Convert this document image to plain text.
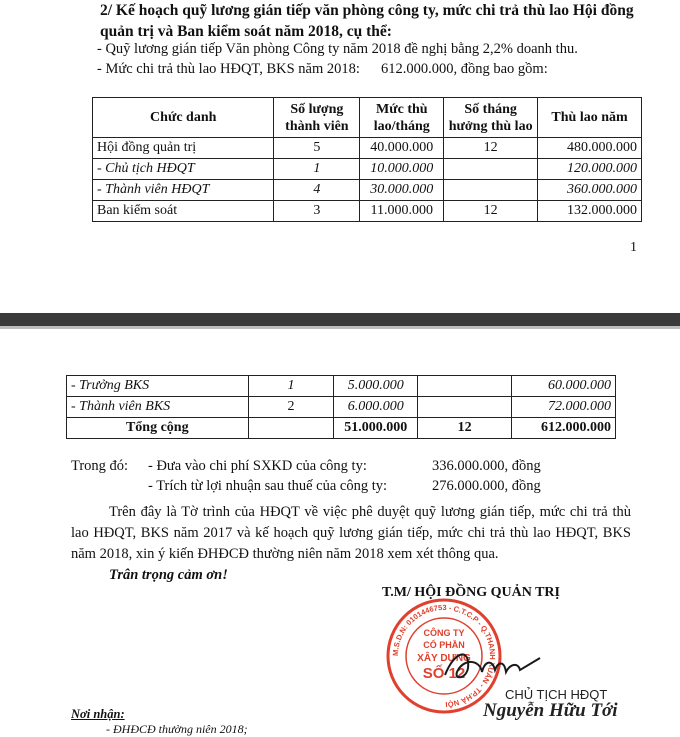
2/ Kế hoạch quỹ lương gián tiếp văn phòng công ty, mức chi trả thù lao Hội đồng quản trị và Ban kiểm soát năm 2018, cụ thể:
- Quỹ lương gián tiếp Văn phòng Công ty năm 2018 đề nghị bằng 2,2% doanh thu.
- Mức chi trả thù lao HĐQT, BKS năm 2018: 612.000.000, đồng bao gồm:
Chức danh	Số lượng thành viên	Mức thù lao/tháng	Số tháng hưởng thù lao	Thù lao năm
Hội đồng quản trị	5	40.000.000	12	480.000.000
- Chủ tịch HĐQT	1	10.000.000		120.000.000
- Thành viên HĐQT	4	30.000.000		360.000.000
Ban kiểm soát	3	11.000.000	12	132.000.000
1
- Trưởng BKS	1	5.000.000		60.000.000
- Thành viên BKS	2	6.000.000		72.000.000
Tổng cộng		51.000.000	12	612.000.000
Trong đó: - Đưa vào chi phí SXKD của công ty:	336.000.000, đồng
- Trích từ lợi nhuận sau thuế của công ty:	276.000.000, đồng
Trên đây là Tờ trình của HĐQT về việc phê duyệt quỹ lương gián tiếp, mức chi trả thù lao HĐQT, BKS năm 2017 và kế hoạch quỹ lương gián tiếp, mức chi trả thù lao HĐQT, BKS năm 2018, xin ý kiến ĐHĐCĐ thường niên năm 2018 xem xét thông qua.
Trân trọng cảm ơn!
T.M/ HỘI ĐỒNG QUẢN TRỊ
M.S.D.N: 0101446753 - C.T.C.P - Q.THANH XUÂN - TP.HÀ NỘI
CÔNG TY
CỔ PHẦN
XÂY DỰNG
SỐ 12
CHỦ TỊCH HĐQT
Nguyễn Hữu Tới
Nơi nhận:
- ĐHĐCĐ thường niên 2018;
